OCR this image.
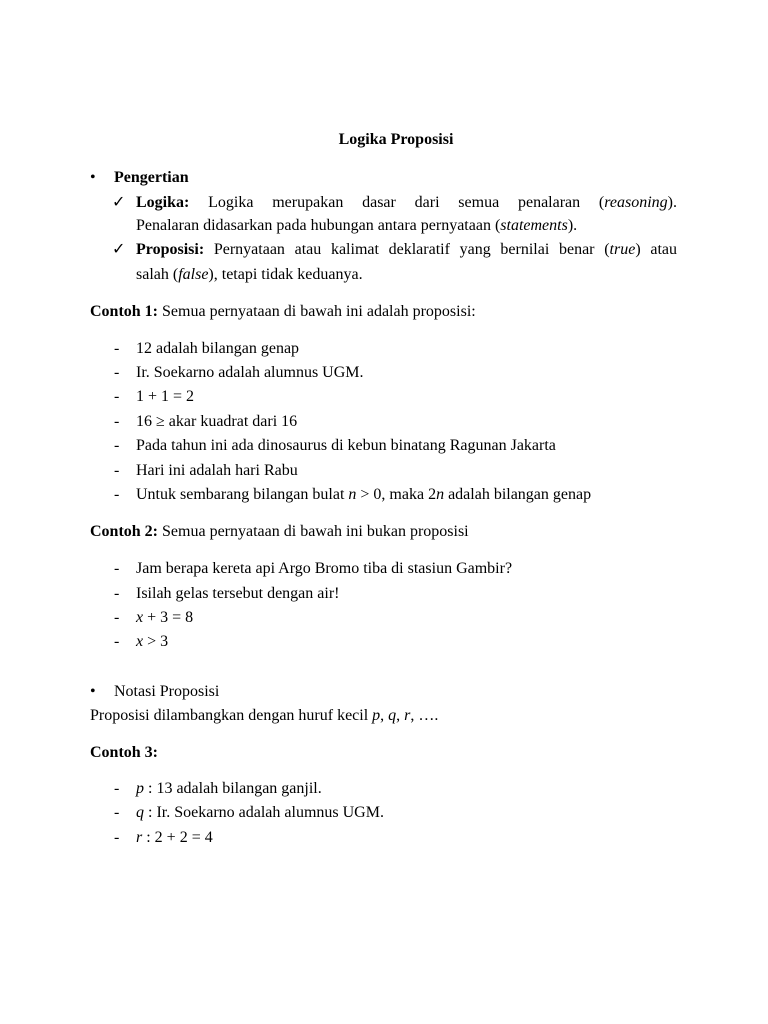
Logika Proposisi
• Pengertian
✓ Logika: Logika merupakan dasar dari semua penalaran (reasoning).
Penalaran didasarkan pada hubungan antara pernyataan (statements).
✓ Proposisi: Pernyataan atau kalimat deklaratif yang bernilai benar (true) atau
salah (false), tetapi tidak keduanya.
Contoh 1: Semua pernyataan di bawah ini adalah proposisi:
- 12 adalah bilangan genap
- Ir. Soekarno adalah alumnus UGM.
- 1 + 1 = 2
- 16 ≥ akar kuadrat dari 16
- Pada tahun ini ada dinosaurus di kebun binatang Ragunan Jakarta
- Hari ini adalah hari Rabu
- Untuk sembarang bilangan bulat n > 0, maka 2n adalah bilangan genap
Contoh 2: Semua pernyataan di bawah ini bukan proposisi
- Jam berapa kereta api Argo Bromo tiba di stasiun Gambir?
- Isilah gelas tersebut dengan air!
- x + 3 = 8
- x > 3
• Notasi Proposisi
Proposisi dilambangkan dengan huruf kecil p, q, r, ….
Contoh 3:
- p : 13 adalah bilangan ganjil.
- q : Ir. Soekarno adalah alumnus UGM.
- r : 2 + 2 = 4
